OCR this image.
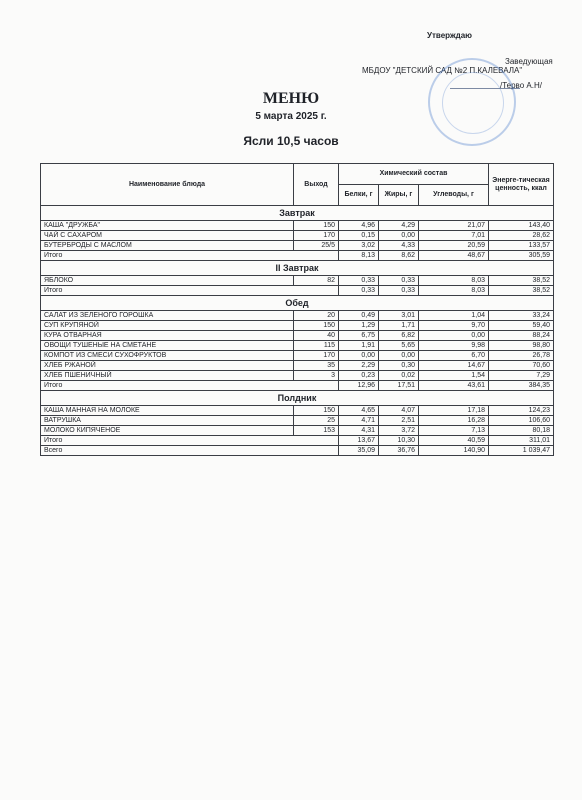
Утверждаю
Заведующая
МБДОУ "ДЕТСКИЙ САД №2 П.КАЛЕВАЛА"
/Терво А.Н/
МЕНЮ
5 марта 2025 г.
Ясли 10,5 часов
Наименование блюда	Выход	Химический состав			Энерге-тическая ценность, ккал
		Белки, г	Жиры, г	Углеводы, г	
Завтрак					
КАША "ДРУЖБА"	150	4,96	4,29	21,07	143,40
ЧАЙ С САХАРОМ	170	0,15	0,00	7,01	28,62
БУТЕРБРОДЫ С МАСЛОМ	25/5	3,02	4,33	20,59	133,57
Итого		8,13	8,62	48,67	305,59
II Завтрак					
ЯБЛОКО	82	0,33	0,33	8,03	38,52
Итого		0,33	0,33	8,03	38,52
Обед					
САЛАТ ИЗ ЗЕЛЕНОГО ГОРОШКА	20	0,49	3,01	1,04	33,24
СУП КРУПЯНОЙ	150	1,29	1,71	9,70	59,40
КУРА ОТВАРНАЯ	40	6,75	6,82	0,00	88,24
ОВОЩИ ТУШЕНЫЕ НА СМЕТАНЕ	115	1,91	5,65	9,98	98,80
КОМПОТ ИЗ СМЕСИ СУХОФРУКТОВ	170	0,00	0,00	6,70	26,78
ХЛЕБ РЖАНОЙ	35	2,29	0,30	14,67	70,60
ХЛЕБ ПШЕНИЧНЫЙ	3	0,23	0,02	1,54	7,29
Итого		12,96	17,51	43,61	384,35
Полдник					
КАША МАННАЯ НА МОЛОКЕ	150	4,65	4,07	17,18	124,23
ВАТРУШКА	25	4,71	2,51	16,28	106,60
МОЛОКО КИПЯЧЕНОЕ	153	4,31	3,72	7,13	80,18
Итого		13,67	10,30	40,59	311,01
Всего		35,09	36,76	140,90	1 039,47
